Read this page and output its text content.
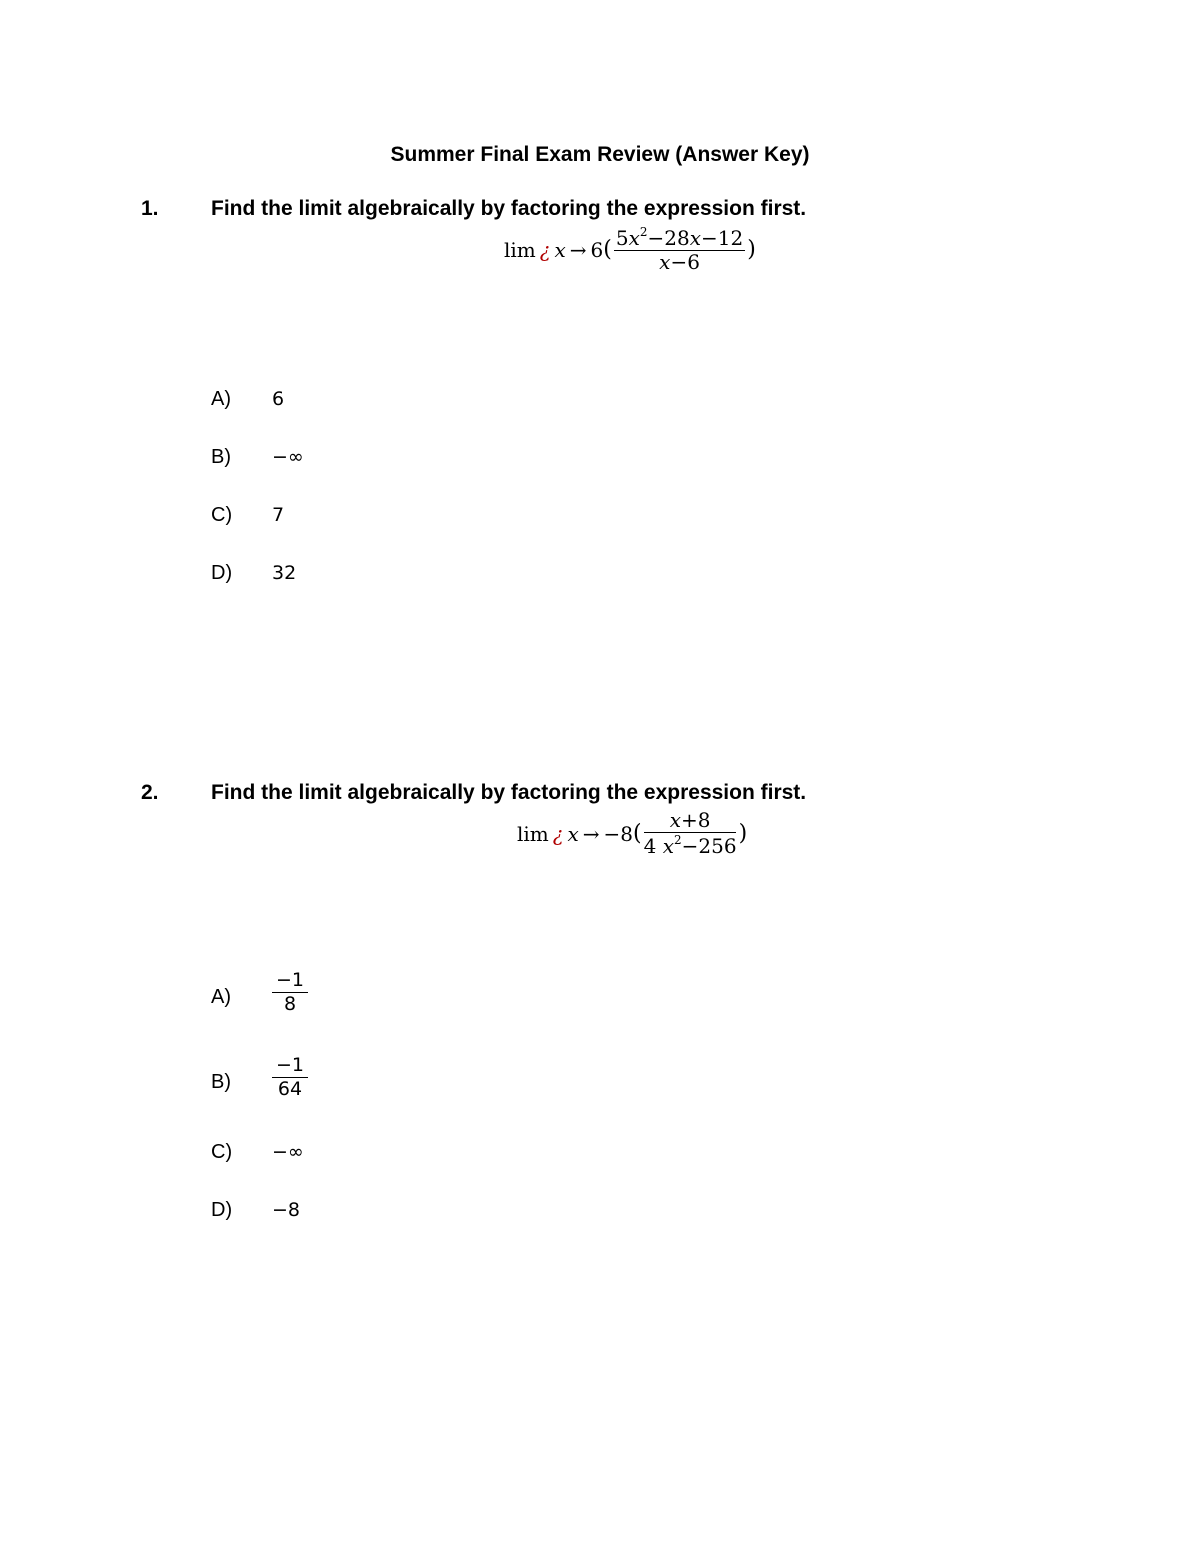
Summer Final Exam Review (Answer Key)
1. Find the limit algebraically by factoring the expression first.
lim ¿ x → 6 ( $\frac{5x^2-28x-12}{x-6}$ )
A) 6
B) −∞
C) 7
D) 32
2. Find the limit algebraically by factoring the expression first.
lim ¿ x → −8 ( $\frac{x+8}{4 x^2-256}$ )
$A) \frac{-1}{8}$
$B) \frac{-1}{64}$
C) −∞
D) −8
